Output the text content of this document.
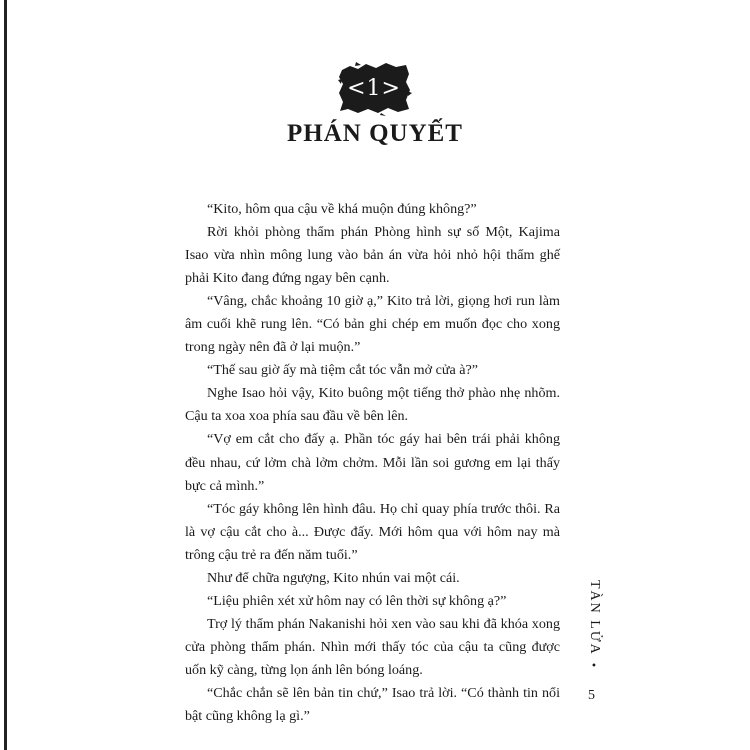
<1>
PHÁN QUYẾT

“Kito, hôm qua cậu về khá muộn đúng không?”

Rời khỏi phòng thẩm phán Phòng hình sự số Một, Kajima Isao vừa nhìn mông lung vào bản án vừa hỏi nhỏ hội thẩm ghế phải Kito đang đứng ngay bên cạnh.

“Vâng, chắc khoảng 10 giờ ạ,” Kito trả lời, giọng hơi run làm âm cuối khẽ rung lên. “Có bản ghi chép em muốn đọc cho xong trong ngày nên đã ở lại muộn.”

“Thế sau giờ ấy mà tiệm cắt tóc vẫn mở cửa à?”

Nghe Isao hỏi vậy, Kito buông một tiếng thở phào nhẹ nhõm. Cậu ta xoa xoa phía sau đầu về bên lên.

“Vợ em cắt cho đấy ạ. Phần tóc gáy hai bên trái phải không đều nhau, cứ lởm chà lởm chởm. Mỗi lần soi gương em lại thấy bực cả mình.”

“Tóc gáy không lên hình đâu. Họ chỉ quay phía trước thôi. Ra là vợ cậu cắt cho à... Được đấy. Mới hôm qua với hôm nay mà trông cậu trẻ ra đến năm tuổi.”

Như để chữa ngượng, Kito nhún vai một cái.

“Liệu phiên xét xử hôm nay có lên thời sự không ạ?”

Trợ lý thẩm phán Nakanishi hỏi xen vào sau khi đã khóa xong cửa phòng thẩm phán. Nhìn mới thấy tóc của cậu ta cũng được uốn kỹ càng, từng lọn ánh lên bóng loáng.

“Chắc chắn sẽ lên bản tin chứ,” Isao trả lời. “Có thành tin nổi bật cũng không lạ gì.”

TÀN LỬA
•
5
